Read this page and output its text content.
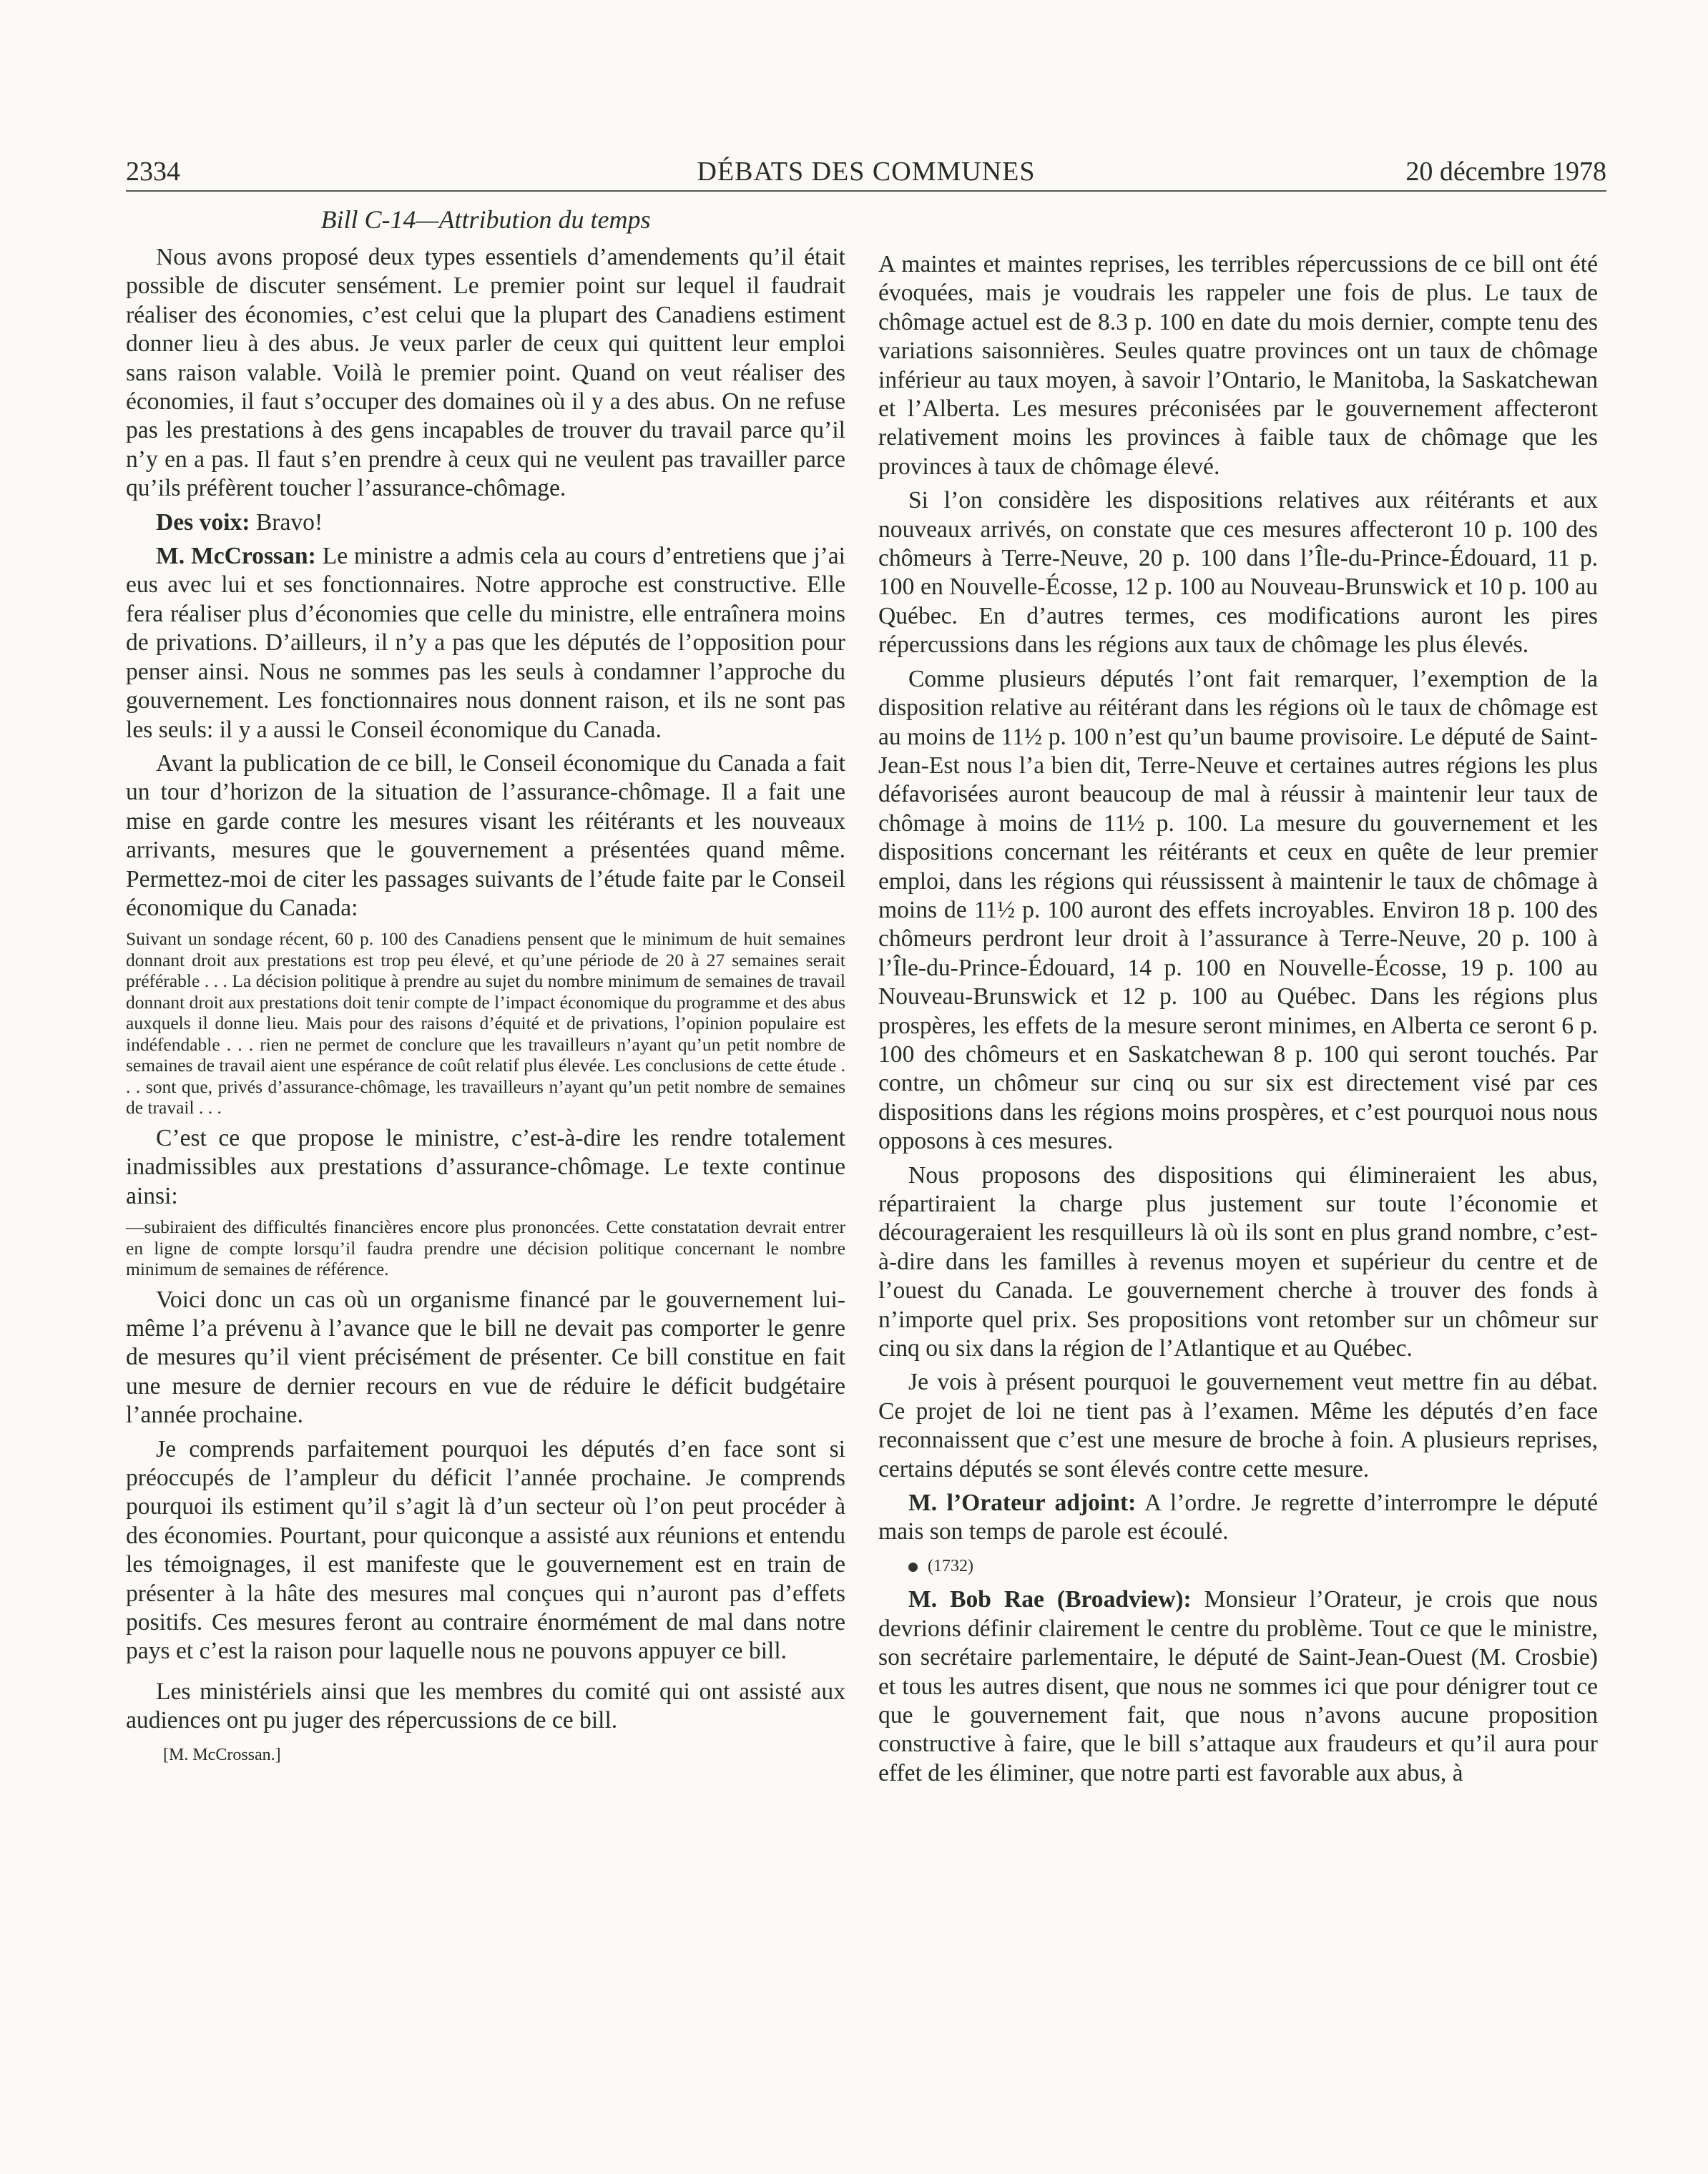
2334	DÉBATS DES COMMUNES	20 décembre 1978
Bill C-14—Attribution du temps

Nous avons proposé deux types essentiels d’amendements qu’il était possible de discuter sensément. Le premier point sur lequel il faudrait réaliser des économies, c’est celui que la plupart des Canadiens estiment donner lieu à des abus. Je veux parler de ceux qui quittent leur emploi sans raison valable. Voilà le premier point. Quand on veut réaliser des économies, il faut s’occuper des domaines où il y a des abus. On ne refuse pas les prestations à des gens incapables de trouver du travail parce qu’il n’y en a pas. Il faut s’en prendre à ceux qui ne veulent pas travailler parce qu’ils préfèrent toucher l’assurance-chômage.

Des voix: Bravo!

M. McCrossan: Le ministre a admis cela au cours d’entretiens que j’ai eus avec lui et ses fonctionnaires. Notre approche est constructive. Elle fera réaliser plus d’économies que celle du ministre, elle entraînera moins de privations. D’ailleurs, il n’y a pas que les députés de l’opposition pour penser ainsi. Nous ne sommes pas les seuls à condamner l’approche du gouvernement. Les fonctionnaires nous donnent raison, et ils ne sont pas les seuls: il y a aussi le Conseil économique du Canada.

Avant la publication de ce bill, le Conseil économique du Canada a fait un tour d’horizon de la situation de l’assurance-chômage. Il a fait une mise en garde contre les mesures visant les réitérants et les nouveaux arrivants, mesures que le gouvernement a présentées quand même. Permettez-moi de citer les passages suivants de l’étude faite par le Conseil économique du Canada:

Suivant un sondage récent, 60 p. 100 des Canadiens pensent que le minimum de huit semaines donnant droit aux prestations est trop peu élevé, et qu’une période de 20 à 27 semaines serait préférable . . . La décision politique à prendre au sujet du nombre minimum de semaines de travail donnant droit aux prestations doit tenir compte de l’impact économique du programme et des abus auxquels il donne lieu. Mais pour des raisons d’équité et de privations, l’opinion populaire est indéfendable . . . rien ne permet de conclure que les travailleurs n’ayant qu’un petit nombre de semaines de travail aient une espérance de coût relatif plus élevée. Les conclusions de cette étude . . . sont que, privés d’assurance-chômage, les travailleurs n’ayant qu’un petit nombre de semaines de travail . . .

C’est ce que propose le ministre, c’est-à-dire les rendre totalement inadmissibles aux prestations d’assurance-chômage. Le texte continue ainsi:

—subiraient des difficultés financières encore plus prononcées. Cette constatation devrait entrer en ligne de compte lorsqu’il faudra prendre une décision politique concernant le nombre minimum de semaines de référence.

Voici donc un cas où un organisme financé par le gouvernement lui-même l’a prévenu à l’avance que le bill ne devait pas comporter le genre de mesures qu’il vient précisément de présenter. Ce bill constitue en fait une mesure de dernier recours en vue de réduire le déficit budgétaire l’année prochaine.

Je comprends parfaitement pourquoi les députés d’en face sont si préoccupés de l’ampleur du déficit l’année prochaine. Je comprends pourquoi ils estiment qu’il s’agit là d’un secteur où l’on peut procéder à des économies. Pourtant, pour quiconque a assisté aux réunions et entendu les témoignages, il est manifeste que le gouvernement est en train de présenter à la hâte des mesures mal conçues qui n’auront pas d’effets positifs. Ces mesures feront au contraire énormément de mal dans notre pays et c’est la raison pour laquelle nous ne pouvons appuyer ce bill.

Les ministériels ainsi que les membres du comité qui ont assisté aux audiences ont pu juger des répercussions de ce bill.

[M. McCrossan.]

A maintes et maintes reprises, les terribles répercussions de ce bill ont été évoquées, mais je voudrais les rappeler une fois de plus. Le taux de chômage actuel est de 8.3 p. 100 en date du mois dernier, compte tenu des variations saisonnières. Seules quatre provinces ont un taux de chômage inférieur au taux moyen, à savoir l’Ontario, le Manitoba, la Saskatchewan et l’Alberta. Les mesures préconisées par le gouvernement affecteront relativement moins les provinces à faible taux de chômage que les provinces à taux de chômage élevé.

Si l’on considère les dispositions relatives aux réitérants et aux nouveaux arrivés, on constate que ces mesures affecteront 10 p. 100 des chômeurs à Terre-Neuve, 20 p. 100 dans l’Île-du-Prince-Édouard, 11 p. 100 en Nouvelle-Écosse, 12 p. 100 au Nouveau-Brunswick et 10 p. 100 au Québec. En d’autres termes, ces modifications auront les pires répercussions dans les régions aux taux de chômage les plus élevés.

Comme plusieurs députés l’ont fait remarquer, l’exemption de la disposition relative au réitérant dans les régions où le taux de chômage est au moins de 11½ p. 100 n’est qu’un baume provisoire. Le député de Saint-Jean-Est nous l’a bien dit, Terre-Neuve et certaines autres régions les plus défavorisées auront beaucoup de mal à réussir à maintenir leur taux de chômage à moins de 11½ p. 100. La mesure du gouvernement et les dispositions concernant les réitérants et ceux en quête de leur premier emploi, dans les régions qui réussissent à maintenir le taux de chômage à moins de 11½ p. 100 auront des effets incroyables. Environ 18 p. 100 des chômeurs perdront leur droit à l’assurance à Terre-Neuve, 20 p. 100 à l’Île-du-Prince-Édouard, 14 p. 100 en Nouvelle-Écosse, 19 p. 100 au Nouveau-Brunswick et 12 p. 100 au Québec. Dans les régions plus prospères, les effets de la mesure seront minimes, en Alberta ce seront 6 p. 100 des chômeurs et en Saskatchewan 8 p. 100 qui seront touchés. Par contre, un chômeur sur cinq ou sur six est directement visé par ces dispositions dans les régions moins prospères, et c’est pourquoi nous nous opposons à ces mesures.

Nous proposons des dispositions qui élimineraient les abus, répartiraient la charge plus justement sur toute l’économie et décourageraient les resquilleurs là où ils sont en plus grand nombre, c’est-à-dire dans les familles à revenus moyen et supérieur du centre et de l’ouest du Canada. Le gouvernement cherche à trouver des fonds à n’importe quel prix. Ses propositions vont retomber sur un chômeur sur cinq ou six dans la région de l’Atlantique et au Québec.

Je vois à présent pourquoi le gouvernement veut mettre fin au débat. Ce projet de loi ne tient pas à l’examen. Même les députés d’en face reconnaissent que c’est une mesure de broche à foin. A plusieurs reprises, certains députés se sont élevés contre cette mesure.

M. l’Orateur adjoint: A l’ordre. Je regrette d’interrompre le député mais son temps de parole est écoulé.

(1732)

M. Bob Rae (Broadview): Monsieur l’Orateur, je crois que nous devrions définir clairement le centre du problème. Tout ce que le ministre, son secrétaire parlementaire, le député de Saint-Jean-Ouest (M. Crosbie) et tous les autres disent, que nous ne sommes ici que pour dénigrer tout ce que le gouvernement fait, que nous n’avons aucune proposition constructive à faire, que le bill s’attaque aux fraudeurs et qu’il aura pour effet de les éliminer, que notre parti est favorable aux abus, à
